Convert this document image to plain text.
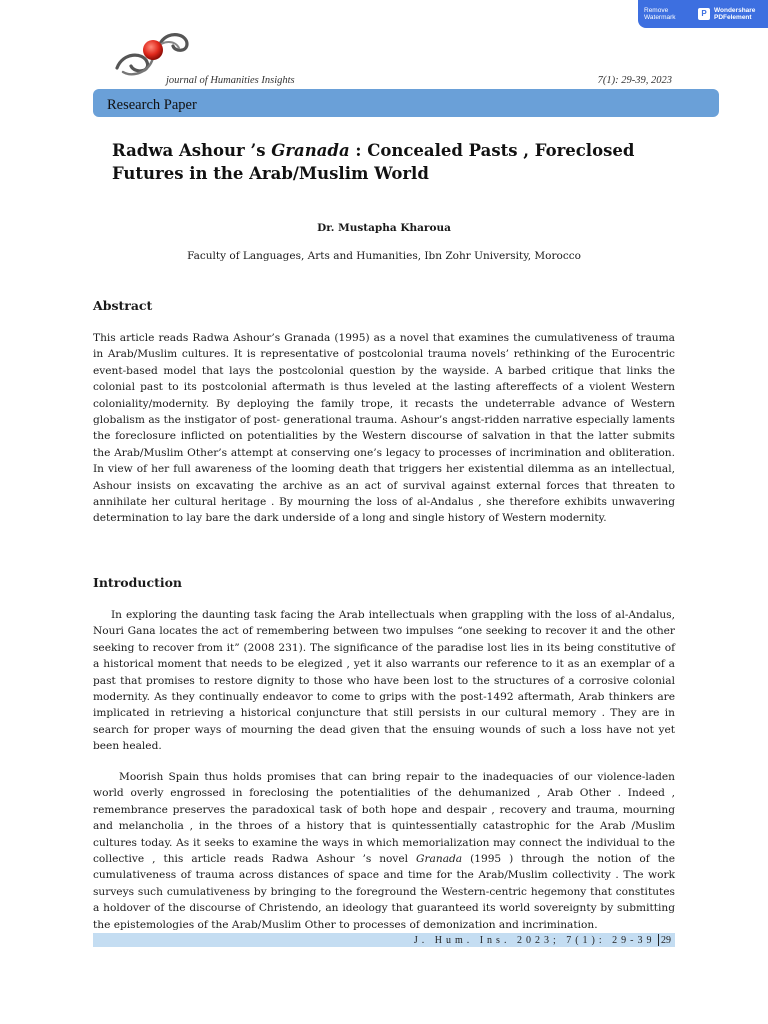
Remove
Watermark	P	Wondershare
PDFelement
journal of Humanities Insights	7(1): 29-39, 2023
Research Paper
Radwa Ashour ’s Granada : Concealed Pasts , Foreclosed Futures in the Arab/Muslim World
Dr. Mustapha Kharoua
Faculty of Languages, Arts and Humanities, Ibn Zohr University, Morocco
Abstract

This article reads Radwa Ashour’s Granada (1995) as a novel that examines the cumulativeness of trauma in Arab/Muslim cultures. It is representative of postcolonial trauma novels’ rethinking of the Eurocentric event-based model that lays the postcolonial question by the wayside. A barbed critique that links the colonial past to its postcolonial aftermath is thus leveled at the lasting aftereffects of a violent Western coloniality/modernity. By deploying the family trope, it recasts the undeterrable advance of Western globalism as the instigator of post- generational trauma. Ashour’s angst-ridden narrative especially laments the foreclosure inflicted on potentialities by the Western discourse of salvation in that the latter submits the Arab/Muslim Other’s attempt at conserving one’s legacy to processes of incrimination and obliteration. In view of her full awareness of the looming death that triggers her existential dilemma as an intellectual, Ashour insists on excavating the archive as an act of survival against external forces that threaten to annihilate her cultural heritage . By mourning the loss of al-Andalus , she therefore exhibits unwavering determination to lay bare the dark underside of a long and single history of Western modernity.

Introduction

In exploring the daunting task facing the Arab intellectuals when grappling with the loss of al-Andalus, Nouri Gana locates the act of remembering between two impulses “one seeking to recover it and the other seeking to recover from it” (2008 231). The significance of the paradise lost lies in its being constitutive of a historical moment that needs to be elegized , yet it also warrants our reference to it as an exemplar of a past that promises to restore dignity to those who have been lost to the structures of a corrosive colonial modernity. As they continually endeavor to come to grips with the post-1492 aftermath, Arab thinkers are implicated in retrieving a historical conjuncture that still persists in our cultural memory . They are in search for proper ways of mourning the dead given that the ensuing wounds of such a loss have not yet been healed.

Moorish Spain thus holds promises that can bring repair to the inadequacies of our violence-laden world overly engrossed in foreclosing the potentialities of the dehumanized , Arab Other . Indeed , remembrance preserves the paradoxical task of both hope and despair , recovery and trauma, mourning and melancholia , in the throes of a history that is quintessentially catastrophic for the Arab /Muslim cultures today. As it seeks to examine the ways in which memorialization may connect the individual to the collective , this article reads Radwa Ashour ’s novel Granada (1995 ) through the notion of the cumulativeness of trauma across distances of space and time for the Arab/Muslim collectivity . The work surveys such cumulativeness by bringing to the foreground the Western-centric hegemony that constitutes a holdover of the discourse of Christendo, an ideology that guaranteed its world sovereignty by submitting the epistemologies of the Arab/Muslim Other to processes of demonization and incrimination.

J. Hum. Ins. 2023; 7(1): 29-39 29
